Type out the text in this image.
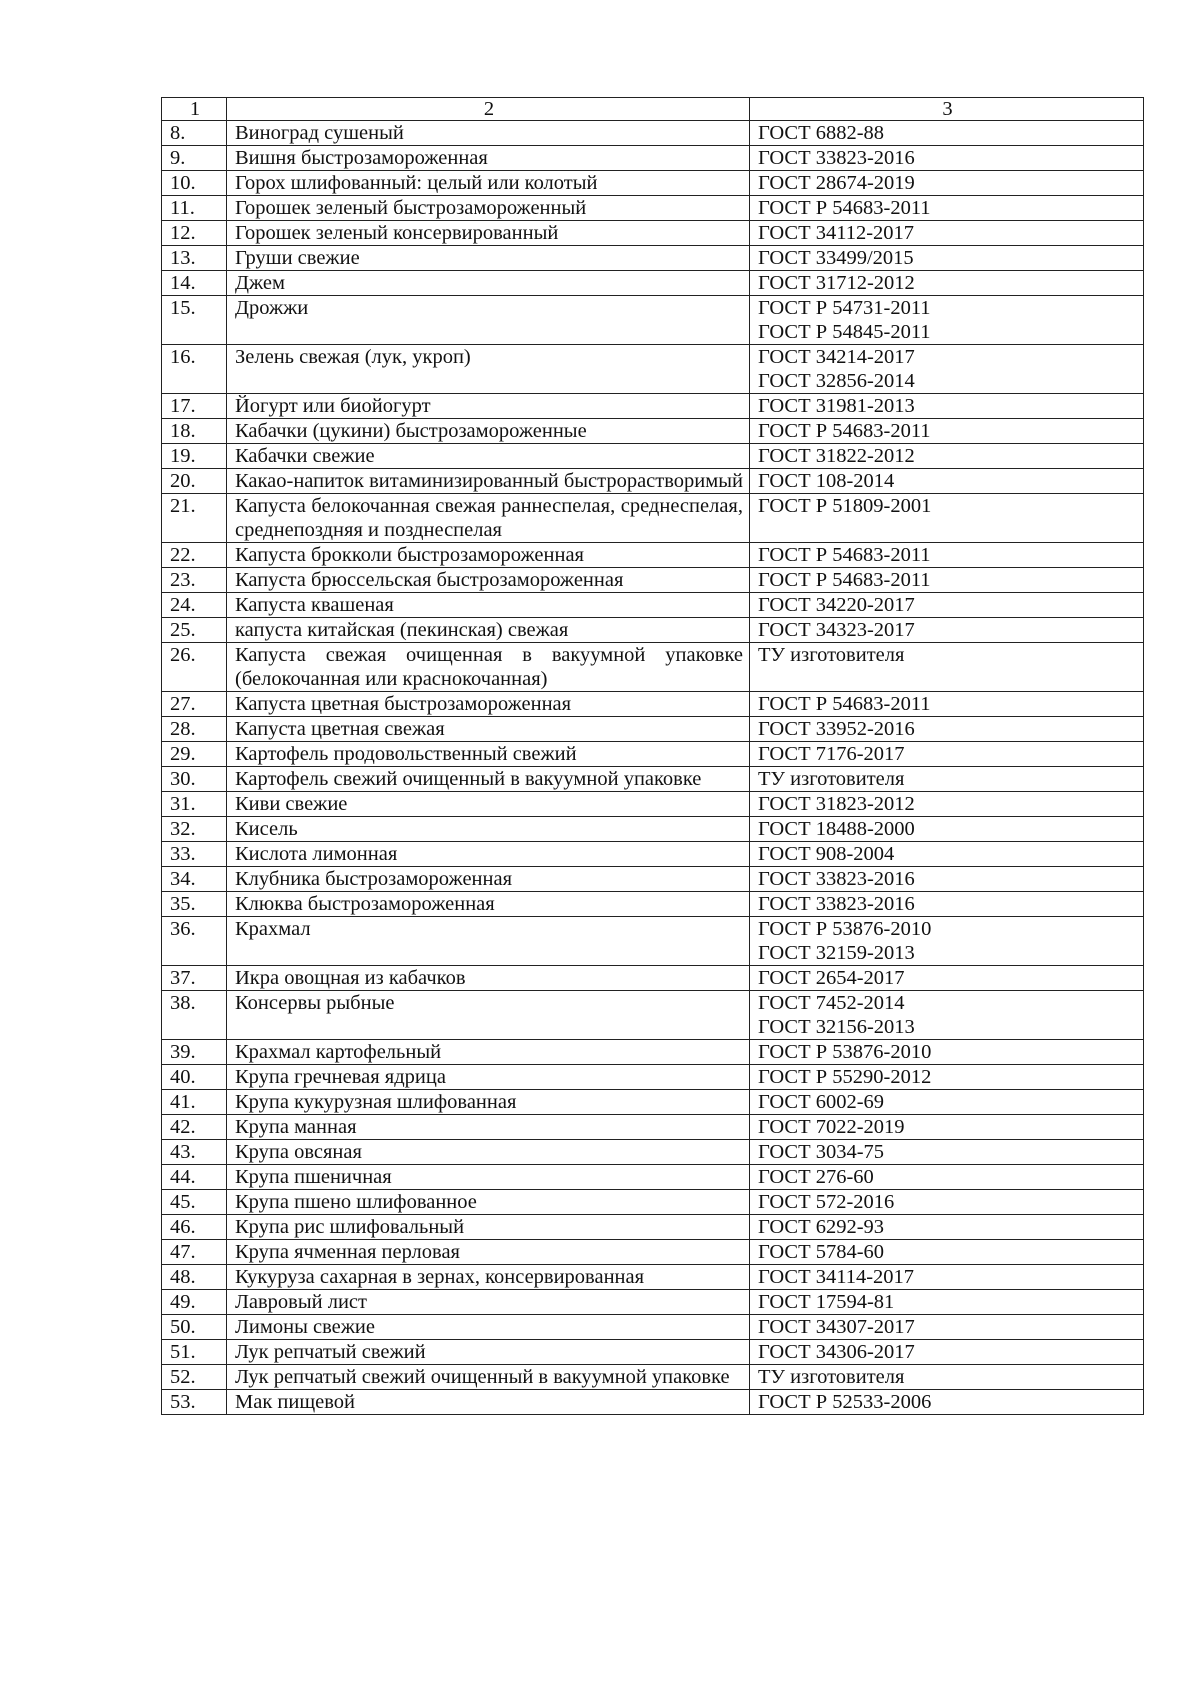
1	2	3
8.	Виноград сушеный	ГОСТ 6882-88

9.	Вишня быстрозамороженная	ГОСТ 33823-2016

10.	Горох шлифованный: целый или колотый	ГОСТ 28674-2019

11.	Горошек зеленый быстрозамороженный	ГОСТ Р 54683-2011

12.	Горошек зеленый консервированный	ГОСТ 34112-2017

13.	Груши свежие	ГОСТ 33499/2015

14.	Джем	ГОСТ 31712-2012

15.	Дрожжи	ГОСТ Р 54731-2011
ГОСТ Р 54845-2011

16.	Зелень свежая (лук, укроп)	ГОСТ 34214-2017
ГОСТ 32856-2014

17.	Йогурт или биойогурт	ГОСТ 31981-2013

18.	Кабачки (цукини) быстрозамороженные	ГОСТ Р 54683-2011

19.	Кабачки свежие	ГОСТ 31822-2012

20.	Какао-напиток витаминизированный быстрорастворимый	ГОСТ 108-2014

21.	Капуста белокочанная свежая раннеспелая, среднеспелая, среднепоздняя и позднеспелая	ГОСТ Р 51809-2001

22.	Капуста брокколи быстрозамороженная	ГОСТ Р 54683-2011

23.	Капуста брюссельская быстрозамороженная	ГОСТ Р 54683-2011

24.	Капуста квашеная	ГОСТ 34220-2017

25.	капуста китайская (пекинская) свежая	ГОСТ 34323-2017

26.	Капуста свежая очищенная в вакуумной упаковке (белокочанная или краснокочанная)	ТУ изготовителя

27.	Капуста цветная быстрозамороженная	ГОСТ Р 54683-2011

28.	Капуста цветная свежая	ГОСТ 33952-2016

29.	Картофель продовольственный свежий	ГОСТ 7176-2017

30.	Картофель свежий очищенный в вакуумной упаковке	ТУ изготовителя

31.	Киви свежие	ГОСТ 31823-2012

32.	Кисель	ГОСТ 18488-2000

33.	Кислота лимонная	ГОСТ 908-2004

34.	Клубника быстрозамороженная	ГОСТ 33823-2016

35.	Клюква быстрозамороженная	ГОСТ 33823-2016

36.	Крахмал	ГОСТ Р 53876-2010
ГОСТ 32159-2013

37.	Икра овощная из кабачков	ГОСТ 2654-2017

38.	Консервы рыбные	ГОСТ 7452-2014
ГОСТ 32156-2013

39.	Крахмал картофельный	ГОСТ Р 53876-2010

40.	Крупа гречневая ядрица	ГОСТ Р 55290-2012

41.	Крупа кукурузная шлифованная	ГОСТ 6002-69

42.	Крупа манная	ГОСТ 7022-2019

43.	Крупа овсяная	ГОСТ 3034-75

44.	Крупа пшеничная	ГОСТ 276-60

45.	Крупа пшено шлифованное	ГОСТ 572-2016

46.	Крупа рис шлифовальный	ГОСТ 6292-93

47.	Крупа ячменная перловая	ГОСТ 5784-60

48.	Кукуруза сахарная в зернах, консервированная	ГОСТ 34114-2017

49.	Лавровый лист	ГОСТ 17594-81

50.	Лимоны свежие	ГОСТ 34307-2017

51.	Лук репчатый свежий	ГОСТ 34306-2017

52.	Лук репчатый свежий очищенный в вакуумной упаковке	ТУ изготовителя

53.	Мак пищевой	ГОСТ Р 52533-2006
